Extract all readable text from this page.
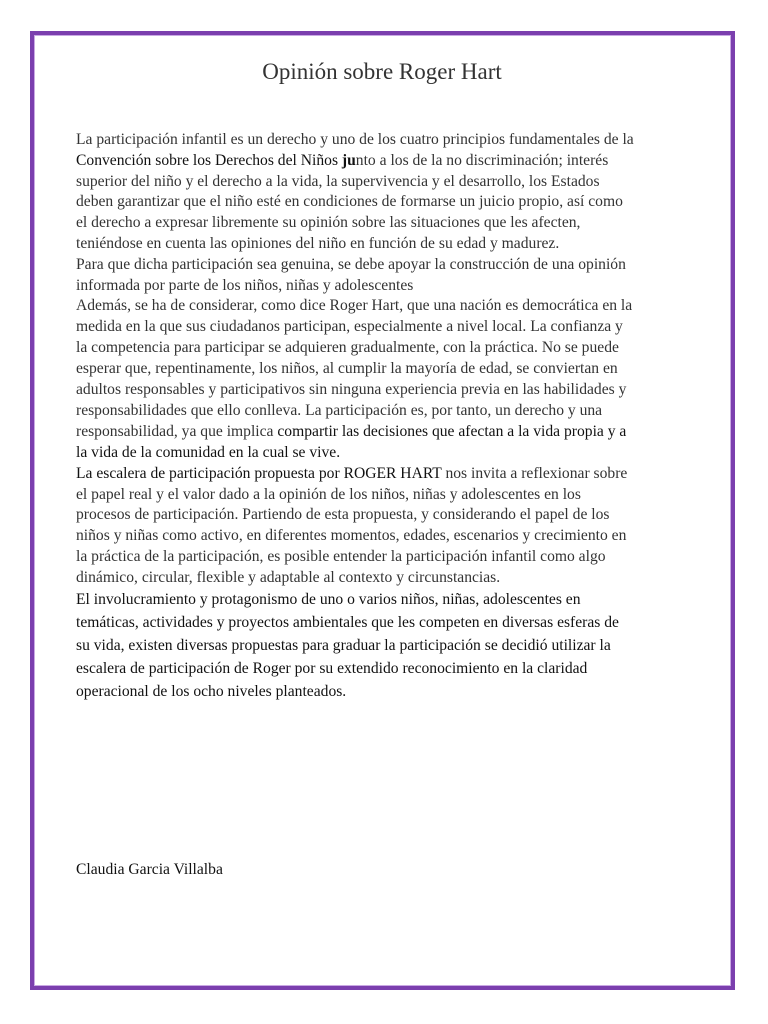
Opinión sobre Roger Hart

La participación infantil es un derecho y uno de los cuatro principios fundamentales de la Convención sobre los Derechos del Niños junto a los de la no discriminación; interés superior del niño y el derecho a la vida, la supervivencia y el desarrollo, los Estados deben garantizar que el niño esté en condiciones de formarse un juicio propio, así como el derecho a expresar libremente su opinión sobre las situaciones que les afecten, teniéndose en cuenta las opiniones del niño en función de su edad y madurez.

Para que dicha participación sea genuina, se debe apoyar la construcción de una opinión informada por parte de los niños, niñas y adolescentes

Además, se ha de considerar, como dice Roger Hart, que una nación es democrática en la medida en la que sus ciudadanos participan, especialmente a nivel local. La confianza y la competencia para participar se adquieren gradualmente, con la práctica. No se puede esperar que, repentinamente, los niños, al cumplir la mayoría de edad, se conviertan en adultos responsables y participativos sin ninguna experiencia previa en las habilidades y responsabilidades que ello conlleva. La participación es, por tanto, un derecho y una responsabilidad, ya que implica compartir las decisiones que afectan a la vida propia y a la vida de la comunidad en la cual se vive.

La escalera de participación propuesta por ROGER HART nos invita a reflexionar sobre el papel real y el valor dado a la opinión de los niños, niñas y adolescentes en los procesos de participación. Partiendo de esta propuesta, y considerando el papel de los niños y niñas como activo, en diferentes momentos, edades, escenarios y crecimiento en la práctica de la participación, es posible entender la participación infantil como algo dinámico, circular, flexible y adaptable al contexto y circunstancias.

El involucramiento y protagonismo de uno o varios niños, niñas, adolescentes en temáticas, actividades y proyectos ambientales que les competen en diversas esferas de su vida, existen diversas propuestas para graduar la participación se decidió utilizar la escalera de participación de Roger por su extendido reconocimiento en la claridad operacional de los ocho niveles planteados.

Claudia Garcia Villalba
